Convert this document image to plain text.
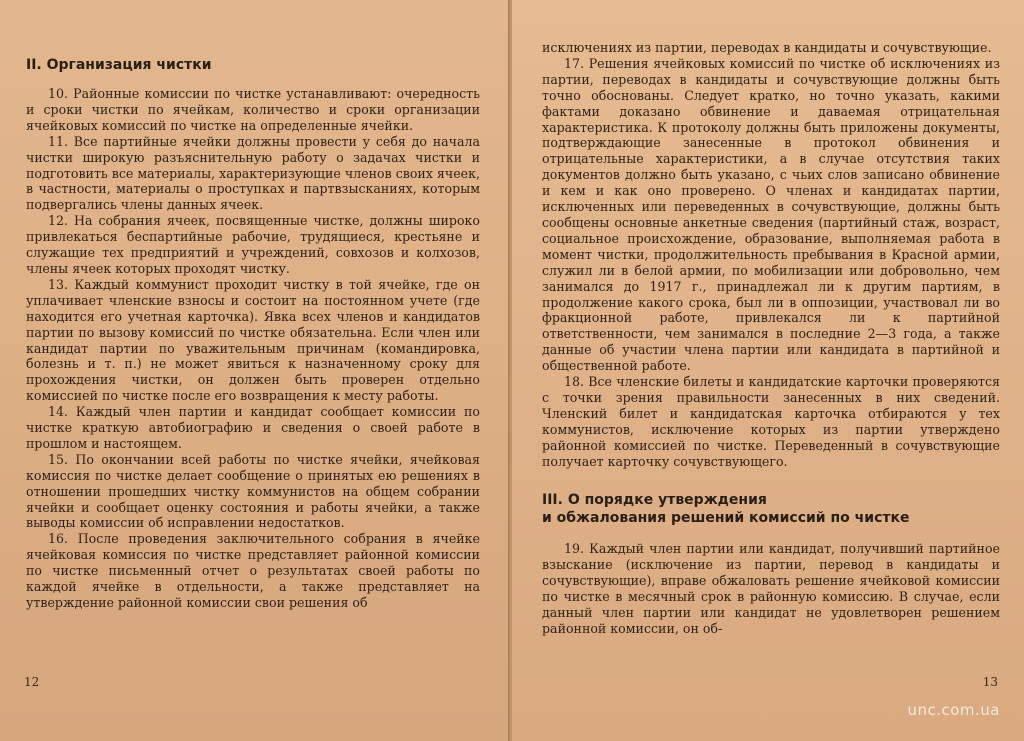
II. Организация чистки

10. Районные комиссии по чистке устанавливают: очередность и сроки чистки по ячейкам, количество и сроки организации ячейковых комиссий по чистке на определенные ячейки.

11. Все партийные ячейки должны провести у себя до начала чистки широкую разъяснительную работу о задачах чистки и подготовить все материалы, характеризующие членов своих ячеек, в частности, материалы о проступках и партвзысканиях, которым подвергались члены данных ячеек.

12. На собрания ячеек, посвященные чистке, должны широко привлекаться беспартийные рабочие, трудящиеся, крестьяне и служащие тех предприятий и учреждений, совхозов и колхозов, члены ячеек которых проходят чистку.

13. Каждый коммунист проходит чистку в той ячейке, где он уплачивает членские взносы и состоит на постоянном учете (где находится его учетная карточка). Явка всех членов и кандидатов партии по вызову комиссий по чистке обязательна. Если член или кандидат партии по уважительным причинам (командировка, болезнь и т. п.) не может явиться к назначенному сроку для прохождения чистки, он должен быть проверен отдельно комиссией по чистке после его возвращения к месту работы.

14. Каждый член партии и кандидат сообщает комиссии по чистке краткую автобиографию и сведения о своей работе в прошлом и настоящем.

15. По окончании всей работы по чистке ячейки, ячейковая комиссия по чистке делает сообщение о принятых ею решениях в отношении прошедших чистку коммунистов на общем собрании ячейки и сообщает оценку состояния и работы ячейки, а также выводы комиссии об исправлении недостатков.

16. После проведения заключительного собрания в ячейке ячейковая комиссия по чистке представляет районной комиссии по чистке письменный отчет о результатах своей работы по каждой ячейке в отдельности, а также представляет на утверждение районной комиссии свои решения об

12

исключениях из партии, переводах в кандидаты и сочувствующие.

17. Решения ячейковых комиссий по чистке об исключениях из партии, переводах в кандидаты и сочувствующие должны быть точно обоснованы. Следует кратко, но точно указать, какими фактами доказано обвинение и даваемая отрицательная характеристика. К протоколу должны быть приложены документы, подтверждающие занесенные в протокол обвинения и отрицательные характеристики, а в случае отсутствия таких документов должно быть указано, с чьих слов записано обвинение и кем и как оно проверено. О членах и кандидатах партии, исключенных или переведенных в сочувствующие, должны быть сообщены основные анкетные сведения (партийный стаж, возраст, социальное происхождение, образование, выполняемая работа в момент чистки, продолжительность пребывания в Красной армии, служил ли в белой армии, по мобилизации или добровольно, чем занимался до 1917 г., принадлежал ли к другим партиям, в продолжение какого срока, был ли в оппозиции, участвовал ли во фракционной работе, привлекался ли к партийной ответственности, чем занимался в последние 2—3 года, а также данные об участии члена партии или кандидата в партийной и общественной работе.

18. Все членские билеты и кандидатские карточки проверяются с точки зрения правильности занесенных в них сведений. Членский билет и кандидатская карточка отбираются у тех коммунистов, исключение которых из партии утверждено районной комиссией по чистке. Переведенный в сочувствующие получает карточку сочувствующего.

III. О порядке утверждения
и обжалования решений комиссий по чистке

19. Каждый член партии или кандидат, получивший партийное взыскание (исключение из партии, перевод в кандидаты и сочувствующие), вправе обжаловать решение ячейковой комиссии по чистке в месячный срок в районную комиссию. В случае, если данный член партии или кандидат не удовлетворен решением районной комиссии, он об-

13
unc.com.ua
